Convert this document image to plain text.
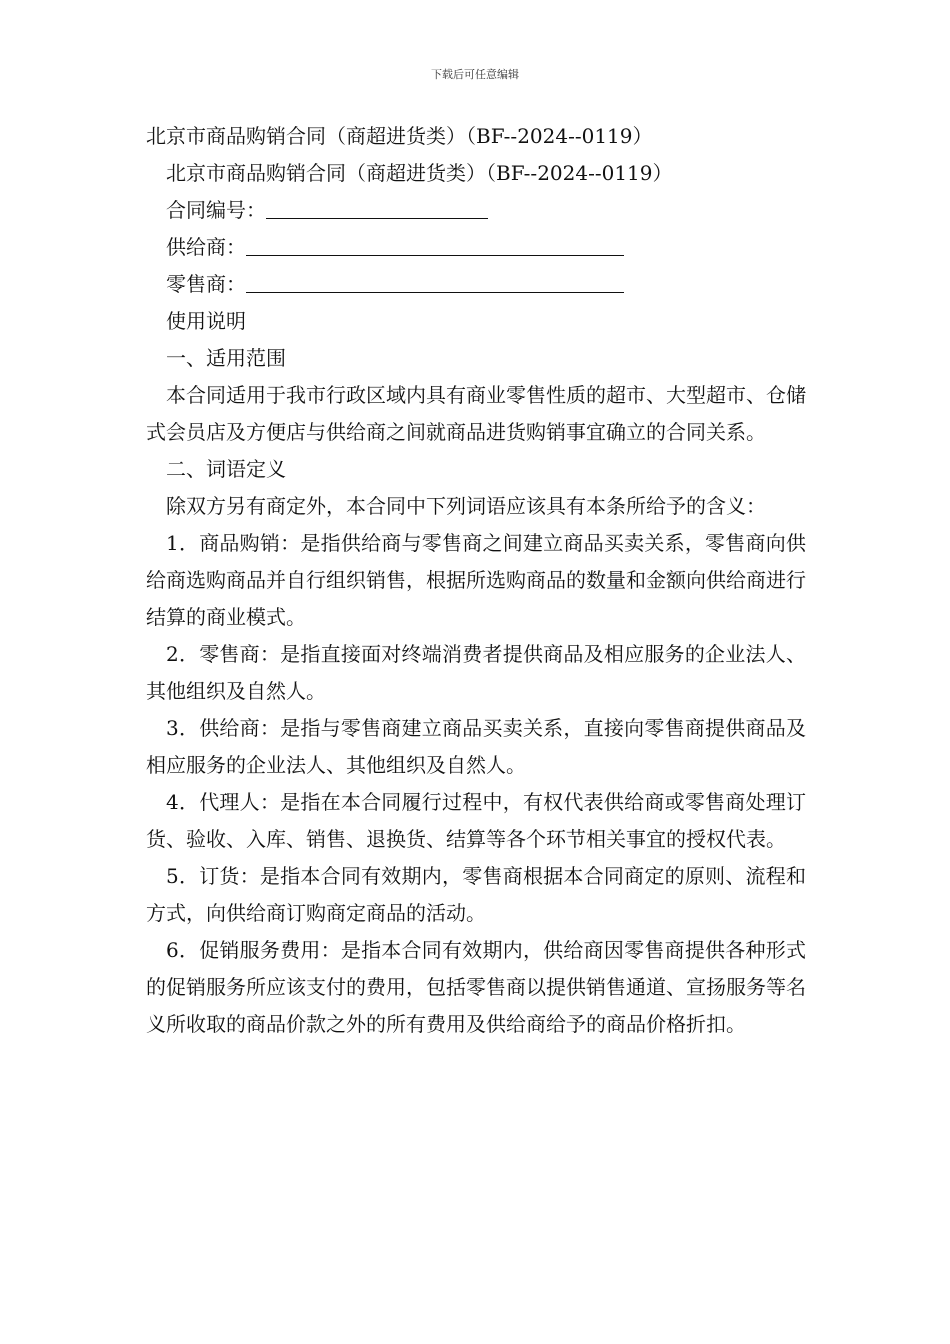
下载后可任意编辑

北京市商品购销合同（商超进货类）（BF--2024--0119）

北京市商品购销合同（商超进货类）（BF--2024--0119）

合同编号：

供给商：

零售商：

使用说明

一、适用范围

本合同适用于我市行政区域内具有商业零售性质的超市、大型超市、仓储式会员店及方便店与供给商之间就商品进货购销事宜确立的合同关系。

二、词语定义

除双方另有商定外，本合同中下列词语应该具有本条所给予的含义：

1．商品购销：是指供给商与零售商之间建立商品买卖关系，零售商向供给商选购商品并自行组织销售，根据所选购商品的数量和金额向供给商进行结算的商业模式。

2．零售商：是指直接面对终端消费者提供商品及相应服务的企业法人、其他组织及自然人。

3．供给商：是指与零售商建立商品买卖关系，直接向零售商提供商品及相应服务的企业法人、其他组织及自然人。

4．代理人：是指在本合同履行过程中，有权代表供给商或零售商处理订货、验收、入库、销售、退换货、结算等各个环节相关事宜的授权代表。

5．订货：是指本合同有效期内，零售商根据本合同商定的原则、流程和方式，向供给商订购商定商品的活动。

6．促销服务费用：是指本合同有效期内，供给商因零售商提供各种形式的促销服务所应该支付的费用，包括零售商以提供销售通道、宣扬服务等名义所收取的商品价款之外的所有费用及供给商给予的商品价格折扣。
